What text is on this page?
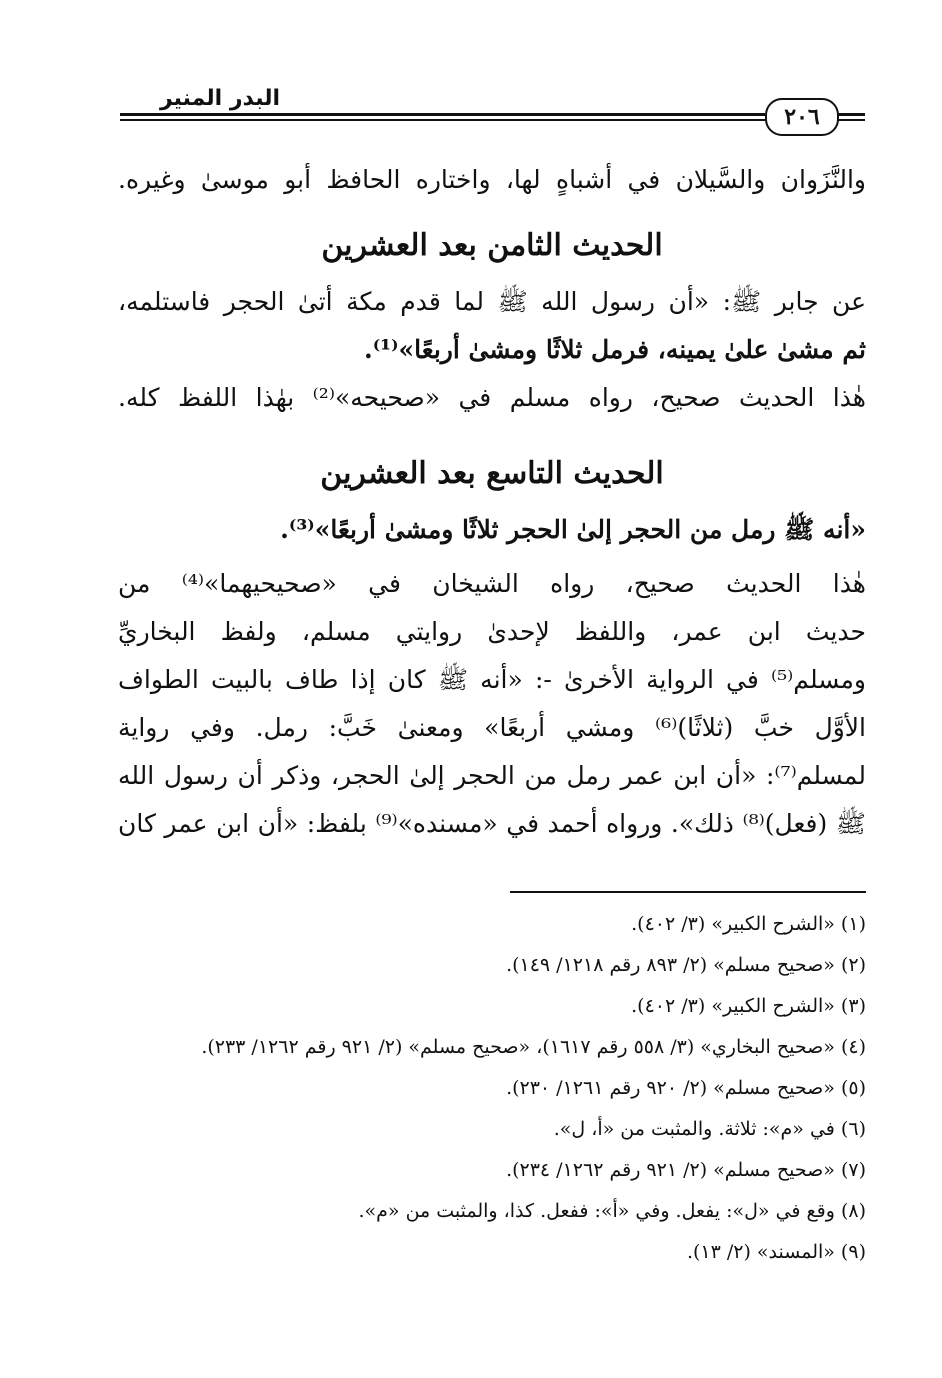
البدر المنير
٢٠٦
والنَّزَوان والسَّيلان في أشباهٍ لها، واختاره الحافظ أبو موسىٰ وغيره.
الحديث الثامن بعد العشرين
عن جابر ﷺ: «أن رسول الله ﷺ لما قدم مكة أتىٰ الحجر فاستلمه،
ثم مشىٰ علىٰ يمينه، فرمل ثلاثًا ومشىٰ أربعًا»⁽¹⁾.
هٰذا الحديث صحيح، رواه مسلم في «صحيحه»⁽²⁾ بهٰذا اللفظ كله.
الحديث التاسع بعد العشرين
«أنه ﷺ رمل من الحجر إلىٰ الحجر ثلاثًا ومشىٰ أربعًا»⁽³⁾.
هٰذا الحديث صحيح، رواه الشيخان في «صحيحيهما»⁽⁴⁾ من
حديث ابن عمر، واللفظ لإحدىٰ روايتي مسلم، ولفظ البخاريِّ
ومسلم⁽⁵⁾ في الرواية الأخرىٰ -: «أنه ﷺ كان إذا طاف بالبيت الطواف
الأوَّل خبَّ (ثلاثًا)⁽⁶⁾ ومشي أربعًا» ومعنىٰ خَبَّ: رمل. وفي رواية
لمسلم⁽⁷⁾: «أن ابن عمر رمل من الحجر إلىٰ الحجر، وذكر أن رسول الله
ﷺ (فعل)⁽⁸⁾ ذلك». ورواه أحمد في «مسنده»⁽⁹⁾ بلفظ: «أن ابن عمر كان
(١) «الشرح الكبير» (٣/ ٤٠٢).
(٢) «صحيح مسلم» (٢/ ٨٩٣ رقم ١٢١٨/ ١٤٩).
(٣) «الشرح الكبير» (٣/ ٤٠٢).
(٤) «صحيح البخاري» (٣/ ٥٥٨ رقم ١٦١٧)، «صحيح مسلم» (٢/ ٩٢١ رقم ١٢٦٢/ ٢٣٣).
(٥) «صحيح مسلم» (٢/ ٩٢٠ رقم ١٢٦١/ ٢٣٠).
(٦) في «م»: ثلاثة. والمثبت من «أ، ل».
(٧) «صحيح مسلم» (٢/ ٩٢١ رقم ١٢٦٢/ ٢٣٤).
(٨) وقع في «ل»: يفعل. وفي «أ»: ففعل. كذا، والمثبت من «م».
(٩) «المسند» (٢/ ١٣).
